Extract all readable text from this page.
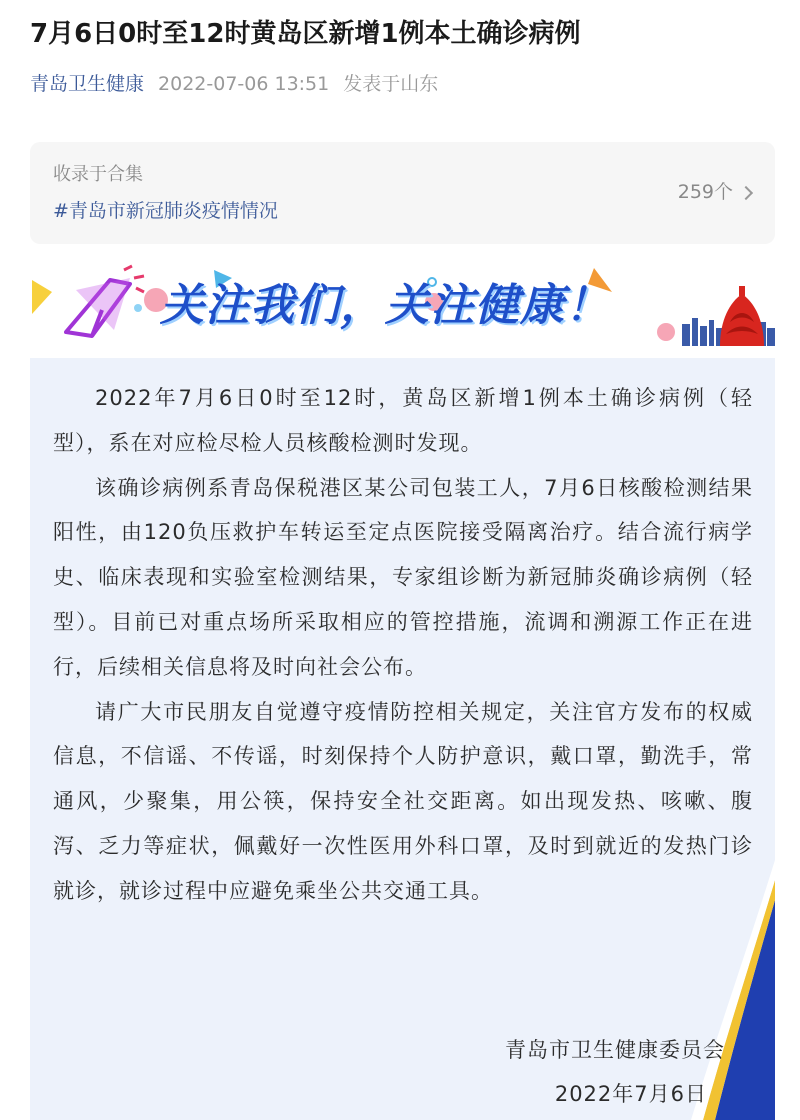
7月6日0时至12时黄岛区新增1例本土确诊病例
青岛卫生健康 2022-07-06 13:51 发表于山东
收录于合集
#青岛市新冠肺炎疫情情况
259个
关注我们，关注健康！

2022年7月6日0时至12时，黄岛区新增1例本土确诊病例（轻型），系在对应检尽检人员核酸检测时发现。

该确诊病例系青岛保税港区某公司包装工人，7月6日核酸检测结果阳性，由120负压救护车转运至定点医院接受隔离治疗。结合流行病学史、临床表现和实验室检测结果，专家组诊断为新冠肺炎确诊病例（轻型）。目前已对重点场所采取相应的管控措施，流调和溯源工作正在进行，后续相关信息将及时向社会公布。

请广大市民朋友自觉遵守疫情防控相关规定，关注官方发布的权威信息，不信谣、不传谣，时刻保持个人防护意识，戴口罩，勤洗手，常通风，少聚集，用公筷，保持安全社交距离。如出现发热、咳嗽、腹泻、乏力等症状，佩戴好一次性医用外科口罩，及时到就近的发热门诊就诊，就诊过程中应避免乘坐公共交通工具。

青岛市卫生健康委员会
2022年7月6日
